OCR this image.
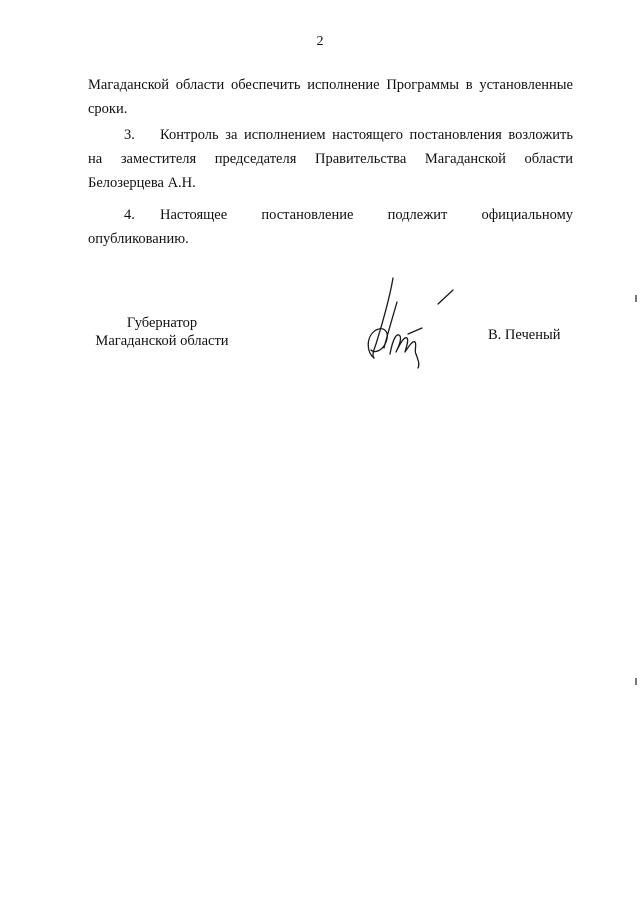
2
Магаданской области обеспечить исполнение Программы в установленные
сроки.
3. Контроль за исполнением настоящего постановления возложить
на заместителя председателя Правительства Магаданской области
Белозерцева А.Н.
4. Настоящее постановление подлежит официальному
опубликованию.
Губернатор
Магаданской области	В. Печеный
